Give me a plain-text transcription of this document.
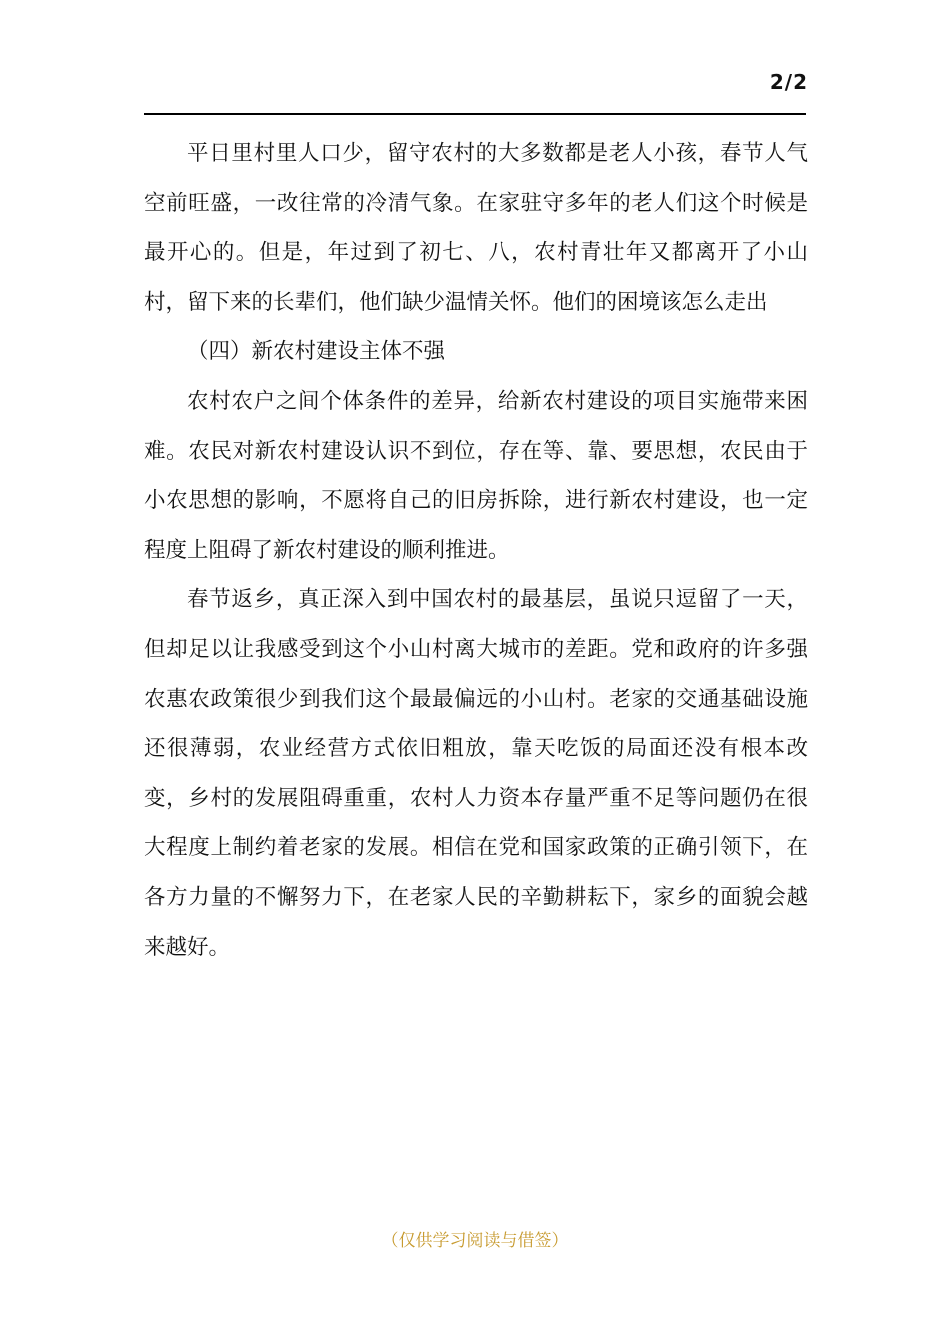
2/2

平日里村里人口少，留守农村的大多数都是老人小孩，春节人气空前旺盛，一改往常的冷清气象。在家驻守多年的老人们这个时候是最开心的。但是，年过到了初七、八，农村青壮年又都离开了小山村，留下来的长辈们，他们缺少温情关怀。他们的困境该怎么走出

（四）新农村建设主体不强

农村农户之间个体条件的差异，给新农村建设的项目实施带来困难。农民对新农村建设认识不到位，存在等、靠、要思想，农民由于小农思想的影响，不愿将自己的旧房拆除，进行新农村建设，也一定程度上阻碍了新农村建设的顺利推进。

春节返乡，真正深入到中国农村的最基层，虽说只逗留了一天，但却足以让我感受到这个小山村离大城市的差距。党和政府的许多强农惠农政策很少到我们这个最最偏远的小山村。老家的交通基础设施还很薄弱，农业经营方式依旧粗放，靠天吃饭的局面还没有根本改变，乡村的发展阻碍重重，农村人力资本存量严重不足等问题仍在很大程度上制约着老家的发展。相信在党和国家政策的正确引领下，在各方力量的不懈努力下，在老家人民的辛勤耕耘下，家乡的面貌会越来越好。

（仅供学习阅读与借签）
